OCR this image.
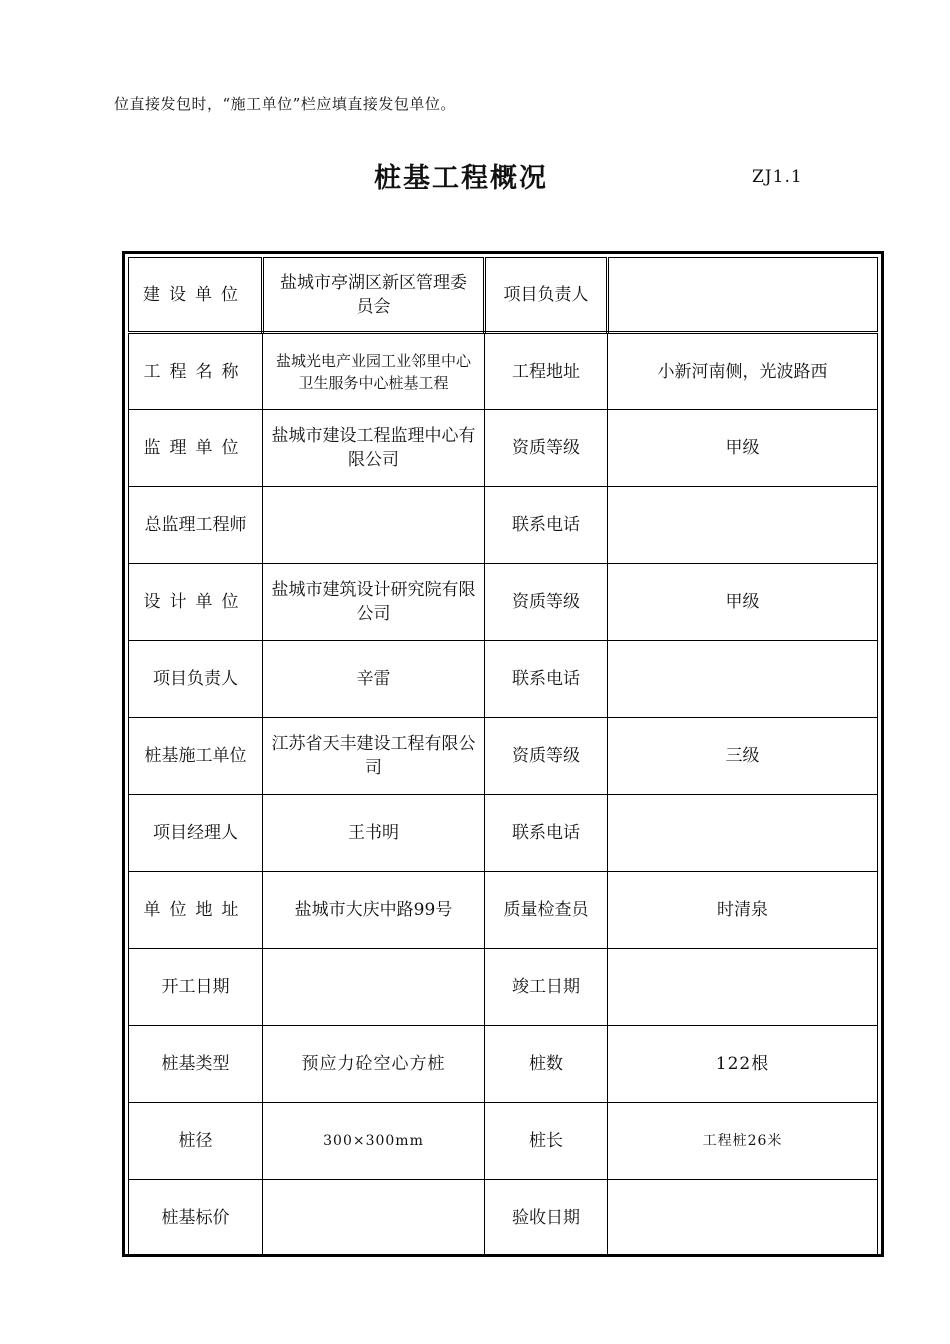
位直接发包时，“施工单位”栏应填直接发包单位。
桩基工程概况	ZJ1.1
建设单位	盐城市亭湖区新区管理委员会	项目负责人	
工程名称	盐城光电产业园工业邻里中心卫生服务中心桩基工程	工程地址	小新河南侧，光波路西
监理单位	盐城市建设工程监理中心有限公司	资质等级	甲级
总监理工程师		联系电话	
设计单位	盐城市建筑设计研究院有限公司	资质等级	甲级
项目负责人	辛雷	联系电话	
桩基施工单位	江苏省天丰建设工程有限公司	资质等级	三级
项目经理人	王书明	联系电话	
单位地址	盐城市大庆中路99号	质量检查员	时清泉
开工日期		竣工日期	
桩基类型	预应力砼空心方桩	桩数	122根
桩径	300×300mm	桩长	工程桩26米
桩基标价		验收日期	
